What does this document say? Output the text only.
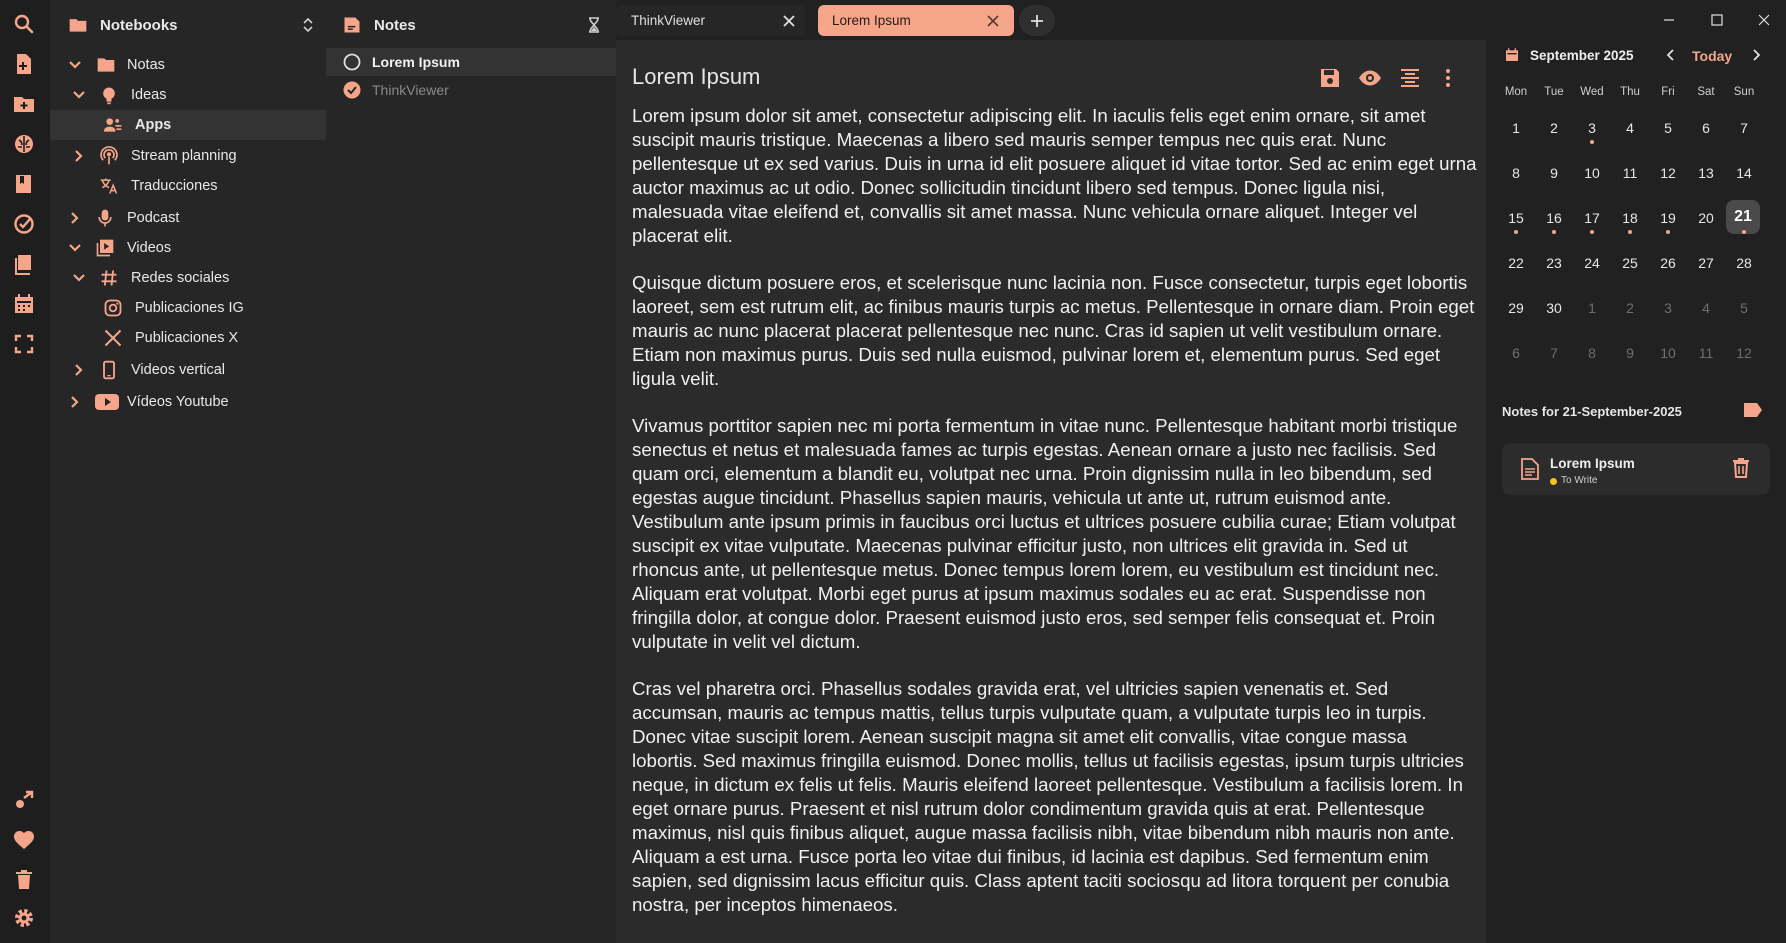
Notebooks
Notas
Ideas
Apps
Stream planning
Traducciones
Podcast
Videos
Redes sociales
Publicaciones IG
Publicaciones X
Videos vertical
Vídeos Youtube
Notes
Lorem Ipsum
ThinkViewer
ThinkViewer	Lorem Ipsum
Lorem Ipsum

Lorem ipsum dolor sit amet, consectetur adipiscing elit. In iaculis felis eget enim ornare, sit amet suscipit mauris tristique. Maecenas a libero sed mauris semper tempus nec quis erat. Nunc pellentesque ut ex sed varius. Duis in urna id elit posuere aliquet id vitae tortor. Sed ac enim eget urna auctor maximus ac ut odio. Donec sollicitudin tincidunt libero sed tempus. Donec ligula nisi, malesuada vitae eleifend et, convallis sit amet massa. Nunc vehicula ornare aliquet. Integer vel placerat elit.

Quisque dictum posuere eros, et scelerisque nunc lacinia non. Fusce consectetur, turpis eget lobortis laoreet, sem est rutrum elit, ac finibus mauris turpis ac metus. Pellentesque in ornare diam. Proin eget mauris ac nunc placerat placerat pellentesque nec nunc. Cras id sapien ut velit vestibulum ornare. Etiam non maximus purus. Duis sed nulla euismod, pulvinar lorem et, elementum purus. Sed eget ligula velit.

Vivamus porttitor sapien nec mi porta fermentum in vitae nunc. Pellentesque habitant morbi tristique senectus et netus et malesuada fames ac turpis egestas. Aenean ornare a justo nec facilisis. Sed quam orci, elementum a blandit eu, volutpat nec urna. Proin dignissim nulla in leo bibendum, sed egestas augue tincidunt. Phasellus sapien mauris, vehicula ut ante ut, rutrum euismod ante. Vestibulum ante ipsum primis in faucibus orci luctus et ultrices posuere cubilia curae; Etiam volutpat suscipit ex vitae vulputate. Maecenas pulvinar efficitur justo, non ultrices elit gravida in. Sed ut rhoncus ante, ut pellentesque metus. Donec tempus lorem lorem, eu vestibulum est tincidunt nec. Aliquam erat volutpat. Morbi eget purus at ipsum maximus sodales eu ac erat. Suspendisse non fringilla dolor, at congue dolor. Praesent euismod justo eros, sed semper felis consequat et. Proin vulputate in velit vel dictum.

Cras vel pharetra orci. Phasellus sodales gravida erat, vel ultricies sapien venenatis et. Sed accumsan, mauris ac tempus mattis, tellus turpis vulputate quam, a vulputate turpis leo in turpis. Donec vitae suscipit lorem. Aenean suscipit magna sit amet elit convallis, vitae congue massa lobortis. Sed maximus fringilla euismod. Donec mollis, tellus ut facilisis egestas, ipsum turpis ultricies neque, in dictum ex felis ut felis. Mauris eleifend laoreet pellentesque. Vestibulum a facilisis lorem. In eget ornare purus. Praesent et nisl rutrum dolor condimentum gravida quis at erat. Pellentesque maximus, nisl quis finibus aliquet, augue massa facilisis nibh, vitae bibendum nibh mauris non ante. Aliquam a est urna. Fusce porta leo vitae dui finibus, id lacinia est dapibus. Sed fermentum enim sapien, sed dignissim lacus efficitur quis. Class aptent taciti sociosqu ad litora torquent per conubia nostra, per inceptos himenaeos.

September 2025	Today
Notes for 21-September-2025
Lorem Ipsum
To Write
Mon	Tue	Wed	Thu	Fri	Sat	Sun
1	2	3	4	5	6	7
8	9	10	11	12	13	14
15	16	17	18	19	20	21
22	23	24	25	26	27	28
29	30	1	2	3	4	5
6	7	8	9	10	11	12
